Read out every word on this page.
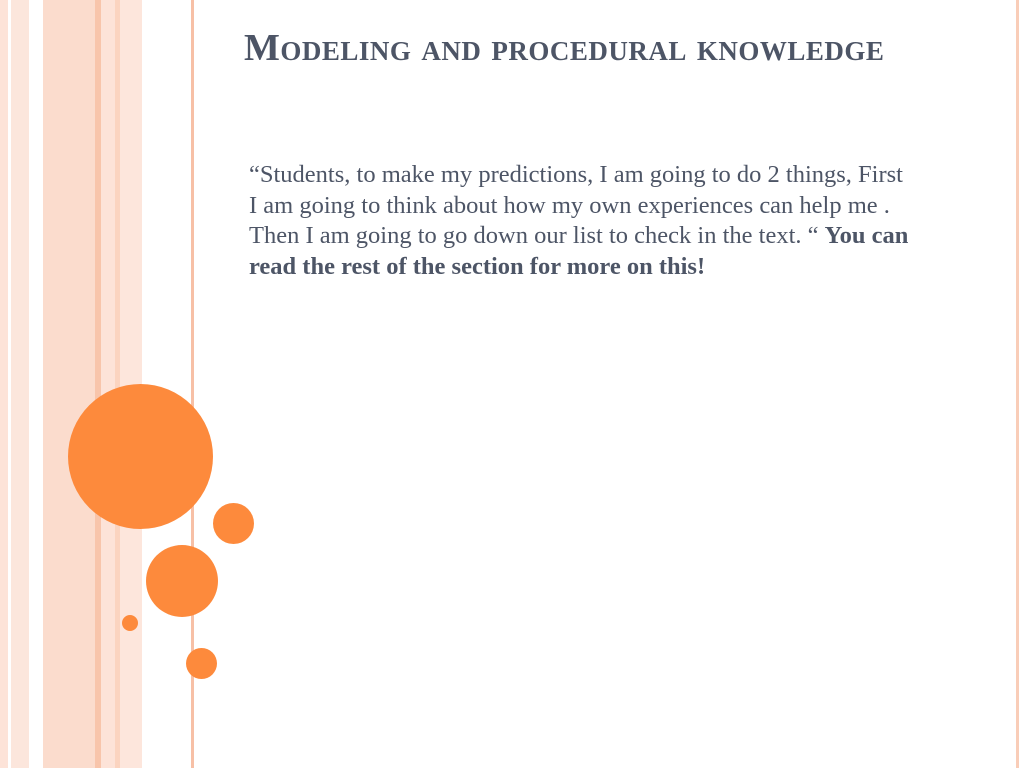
Modeling and procedural knowledge

“Students, to make my predictions, I am going to do 2 things, First I am going to think about how my own experiences can help me . Then I am going to go down our list to check in the text. “ You can read the rest of the section for more on this!
